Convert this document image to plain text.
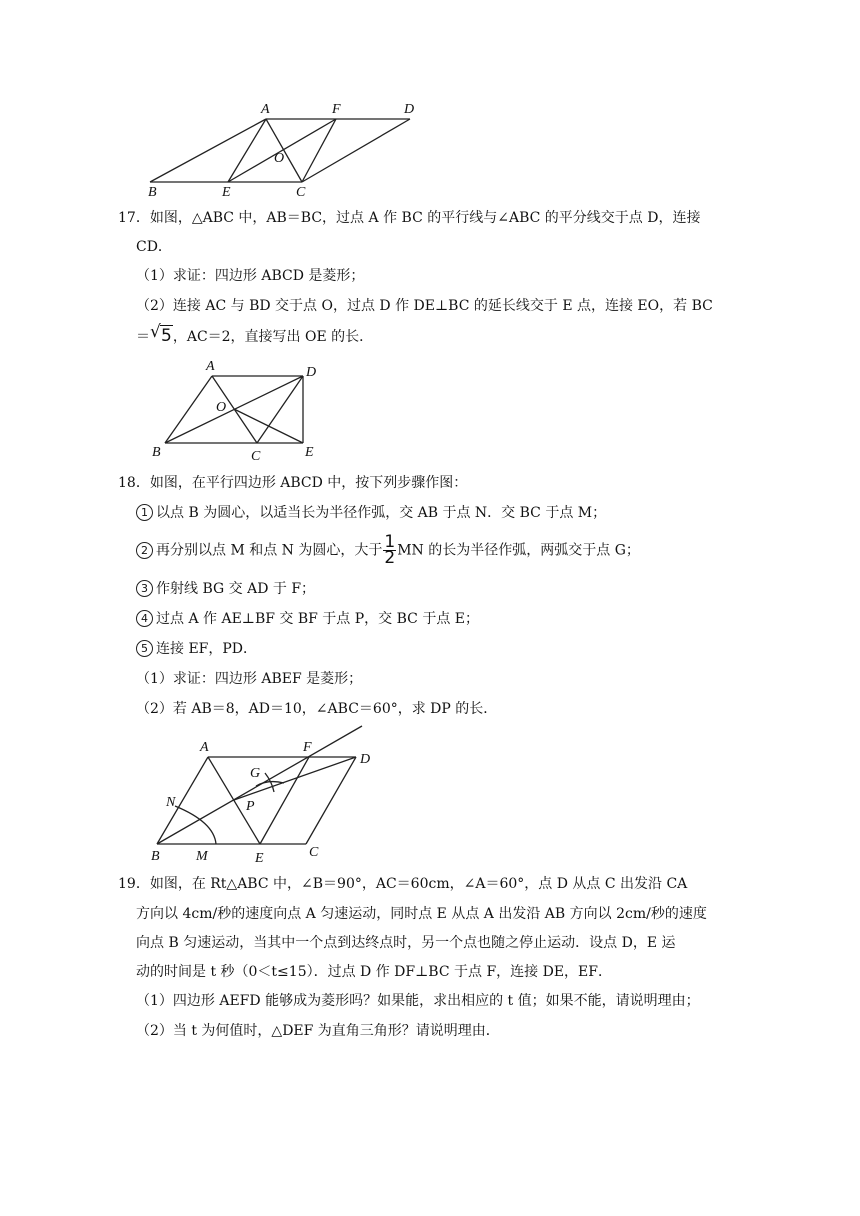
A	F	D
O
B	E	C
17．如图，△ABC 中，AB＝BC，过点 A 作 BC 的平行线与∠ABC 的平分线交于点 D，连接
CD．
（1）求证：四边形 ABCD 是菱形；
（2）连接 AC 与 BD 交于点 O，过点 D 作 DE⊥BC 的延长线交于 E 点，连接 EO，若 BC
＝ √ 5，AC＝2，直接写出 OE 的长．
A	D
O
B	C	E
18．如图，在平行四边形 ABCD 中，按下列步骤作图：
1 以点 B 为圆心，以适当长为半径作弧，交 AB 于点 N．交 BC 于点 M；
2 再分别以点 M 和点 N 为圆心，大于 $\frac{1}{2}$ MN 的长为半径作弧，两弧交于点 G；
3 作射线 BG 交 AD 于 F；
4 过点 A 作 AE⊥BF 交 BF 于点 P，交 BC 于点 E；
5 连接 EF，PD．
（1）求证：四边形 ABEF 是菱形；
（2）若 AB＝8，AD＝10，∠ABC＝60°，求 DP 的长．
A	F
D
G
N	P
B	M	E	C
19．如图，在 Rt△ABC 中，∠B＝90°，AC＝60cm，∠A＝60°，点 D 从点 C 出发沿 CA
方向以 4cm/秒的速度向点 A 匀速运动，同时点 E 从点 A 出发沿 AB 方向以 2cm/秒的速度
向点 B 匀速运动，当其中一个点到达终点时，另一个点也随之停止运动．设点 D，E 运
动的时间是 t 秒（0＜t≤15）．过点 D 作 DF⊥BC 于点 F，连接 DE，EF．
（1）四边形 AEFD 能够成为菱形吗？如果能，求出相应的 t 值；如果不能，请说明理由；
（2）当 t 为何值时，△DEF 为直角三角形？请说明理由．
